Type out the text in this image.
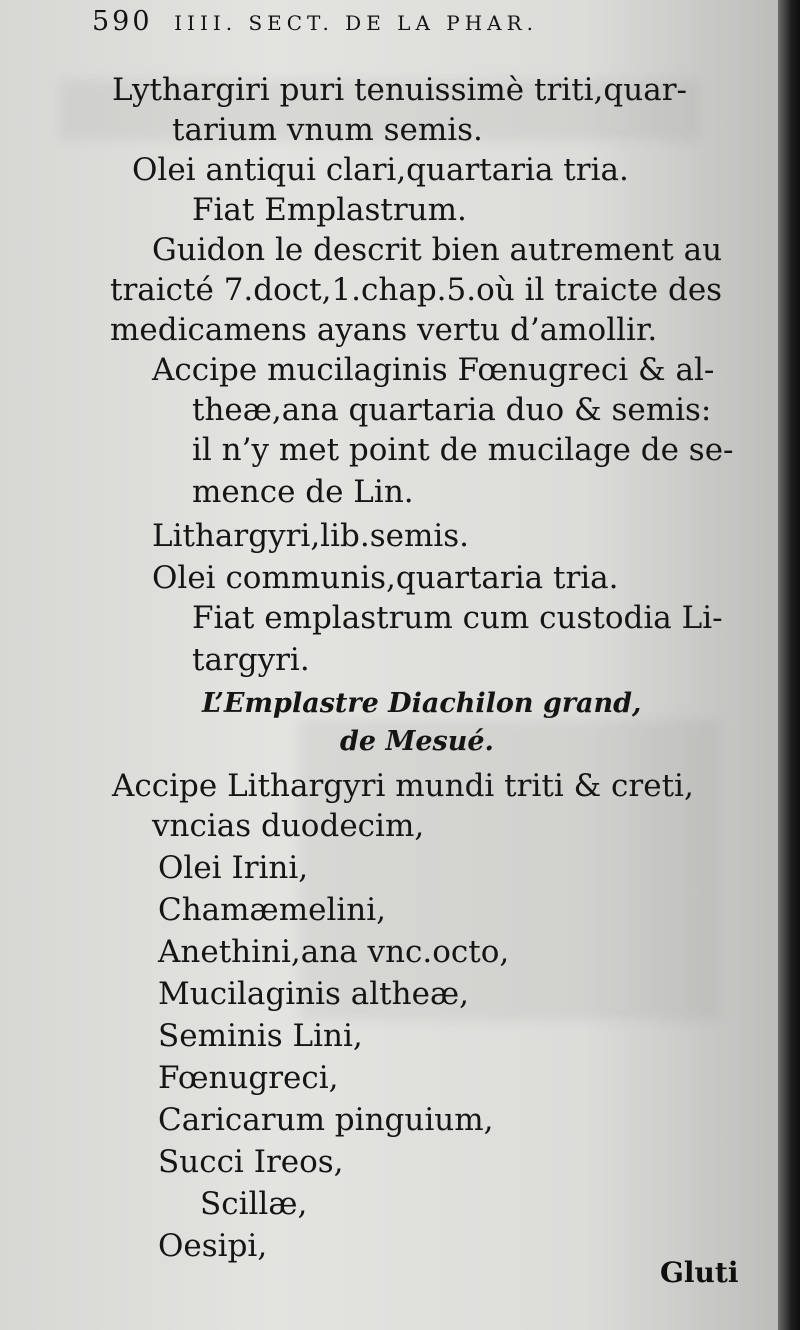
590 IIII. SECT. DE LA PHAR.
Lythargiri puri tenuissimè triti,quar-
tarium vnum semis.
Olei antiqui clari,quartaria tria.
Fiat Emplastrum.
Guidon le descrit bien autrement au
traicté 7.doct,1.chap.5.où il traicte des
medicamens ayans vertu d’amollir.
Accipe mucilaginis Fœnugreci & al-
theæ,ana quartaria duo & semis:
il n’y met point de mucilage de se-
mence de Lin.
Lithargyri,lib.semis.
Olei communis,quartaria tria.
Fiat emplastrum cum custodia Li-
targyri.
L’Emplastre Diachilon grand,
de Mesué.
Accipe Lithargyri mundi triti & creti,
vncias duodecim,
Olei Irini,
Chamæmelini,
Anethini,ana vnc.octo,
Mucilaginis altheæ,
Seminis Lini,
Fœnugreci,
Caricarum pinguium,
Succi Ireos,
Scillæ,
Oesipi,
Gluti
